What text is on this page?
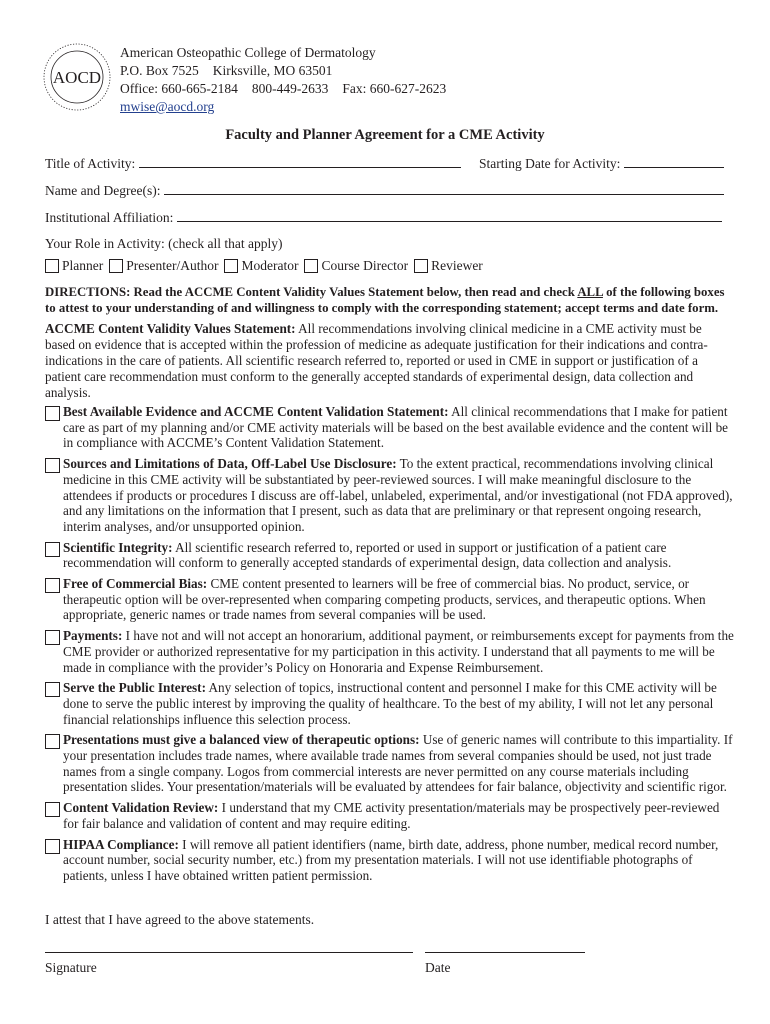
AOCD
American Osteopathic College of Dermatology
P.O. Box 7525 Kirksville, MO 63501
Office: 660-665-2184 800-449-2633 Fax: 660-627-2623
mwise@aocd.org
Faculty and Planner Agreement for a CME Activity
Title of Activity:	Starting Date for Activity:
Name and Degree(s):
Institutional Affiliation:
Your Role in Activity: (check all that apply)
Planner Presenter/Author Moderator Course Director Reviewer
DIRECTIONS: Read the ACCME Content Validity Values Statement below, then read and check ALL of the following boxes to attest to your understanding of and willingness to comply with the corresponding statement; accept terms and date form.
ACCME Content Validity Values Statement: All recommendations involving clinical medicine in a CME activity must be based on evidence that is accepted within the profession of medicine as adequate justification for their indications and contra-indications in the care of patients. All scientific research referred to, reported or used in CME in support or justification of a patient care recommendation must conform to the generally accepted standards of experimental design, data collection and analysis.
Best Available Evidence and ACCME Content Validation Statement: All clinical recommendations that I make for patient care as part of my planning and/or CME activity materials will be based on the best available evidence and the content will be in compliance with ACCME’s Content Validation Statement.
Sources and Limitations of Data, Off-Label Use Disclosure: To the extent practical, recommendations involving clinical medicine in this CME activity will be substantiated by peer-reviewed sources. I will make meaningful disclosure to the attendees if products or procedures I discuss are off-label, unlabeled, experimental, and/or investigational (not FDA approved), and any limitations on the information that I present, such as data that are preliminary or that represent ongoing research, interim analyses, and/or unsupported opinion.
Scientific Integrity: All scientific research referred to, reported or used in support or justification of a patient care recommendation will conform to generally accepted standards of experimental design, data collection and analysis.
Free of Commercial Bias: CME content presented to learners will be free of commercial bias. No product, service, or therapeutic option will be over-represented when comparing competing products, services, and therapeutic options. When appropriate, generic names or trade names from several companies will be used.
Payments: I have not and will not accept an honorarium, additional payment, or reimbursements except for payments from the CME provider or authorized representative for my participation in this activity. I understand that all payments to me will be made in compliance with the provider’s Policy on Honoraria and Expense Reimbursement.
Serve the Public Interest: Any selection of topics, instructional content and personnel I make for this CME activity will be done to serve the public interest by improving the quality of healthcare. To the best of my ability, I will not let any personal financial relationships influence this selection process.
Presentations must give a balanced view of therapeutic options: Use of generic names will contribute to this impartiality. If your presentation includes trade names, where available trade names from several companies should be used, not just trade names from a single company. Logos from commercial interests are never permitted on any course materials including presentation slides. Your presentation/materials will be evaluated by attendees for fair balance, objectivity and scientific rigor.
Content Validation Review: I understand that my CME activity presentation/materials may be prospectively peer-reviewed for fair balance and validation of content and may require editing.
HIPAA Compliance: I will remove all patient identifiers (name, birth date, address, phone number, medical record number, account number, social security number, etc.) from my presentation materials. I will not use identifiable photographs of patients, unless I have obtained written patient permission.
I attest that I have agreed to the above statements.
Signature	Date
